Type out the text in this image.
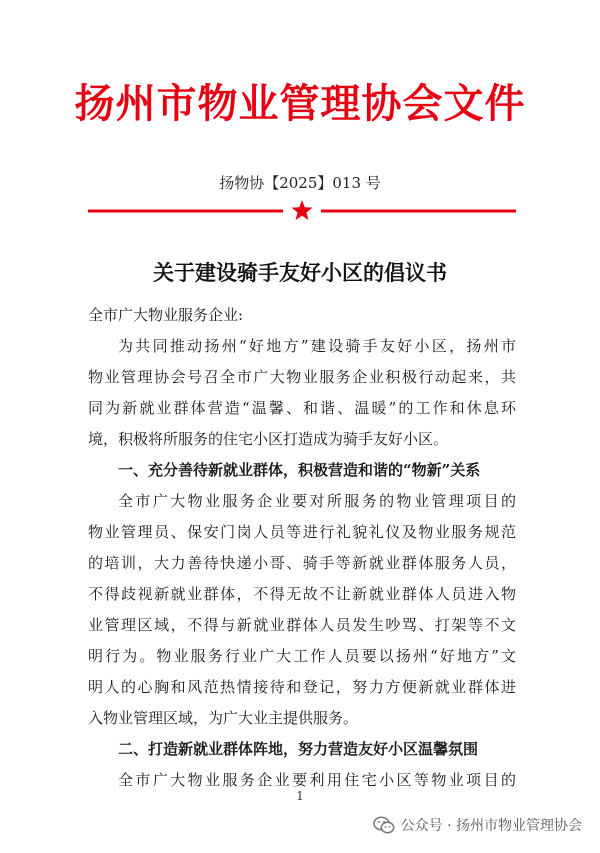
扬州市物业管理协会文件
扬物协【2025】013 号
关于建设骑手友好小区的倡议书
全市广大物业服务企业:
为共同推动扬州“好地方”建设骑手友好小区，扬州市
物业管理协会号召全市广大物业服务企业积极行动起来，共
同为新就业群体营造“温馨、和谐、温暖”的工作和休息环
境，积极将所服务的住宅小区打造成为骑手友好小区。
一、充分善待新就业群体，积极营造和谐的“物新”关系
全市广大物业服务企业要对所服务的物业管理项目的
物业管理员、保安门岗人员等进行礼貌礼仪及物业服务规范
的培训，大力善待快递小哥、骑手等新就业群体服务人员，
不得歧视新就业群体，不得无故不让新就业群体人员进入物
业管理区域，不得与新就业群体人员发生吵骂、打架等不文
明行为。物业服务行业广大工作人员要以扬州“好地方”文
明人的心胸和风范热情接待和登记，努力方便新就业群体进
入物业管理区域，为广大业主提供服务。
二、打造新就业群体阵地，努力营造友好小区温馨氛围
全市广大物业服务企业要利用住宅小区等物业项目的
1
公众号 · 扬州市物业管理协会
